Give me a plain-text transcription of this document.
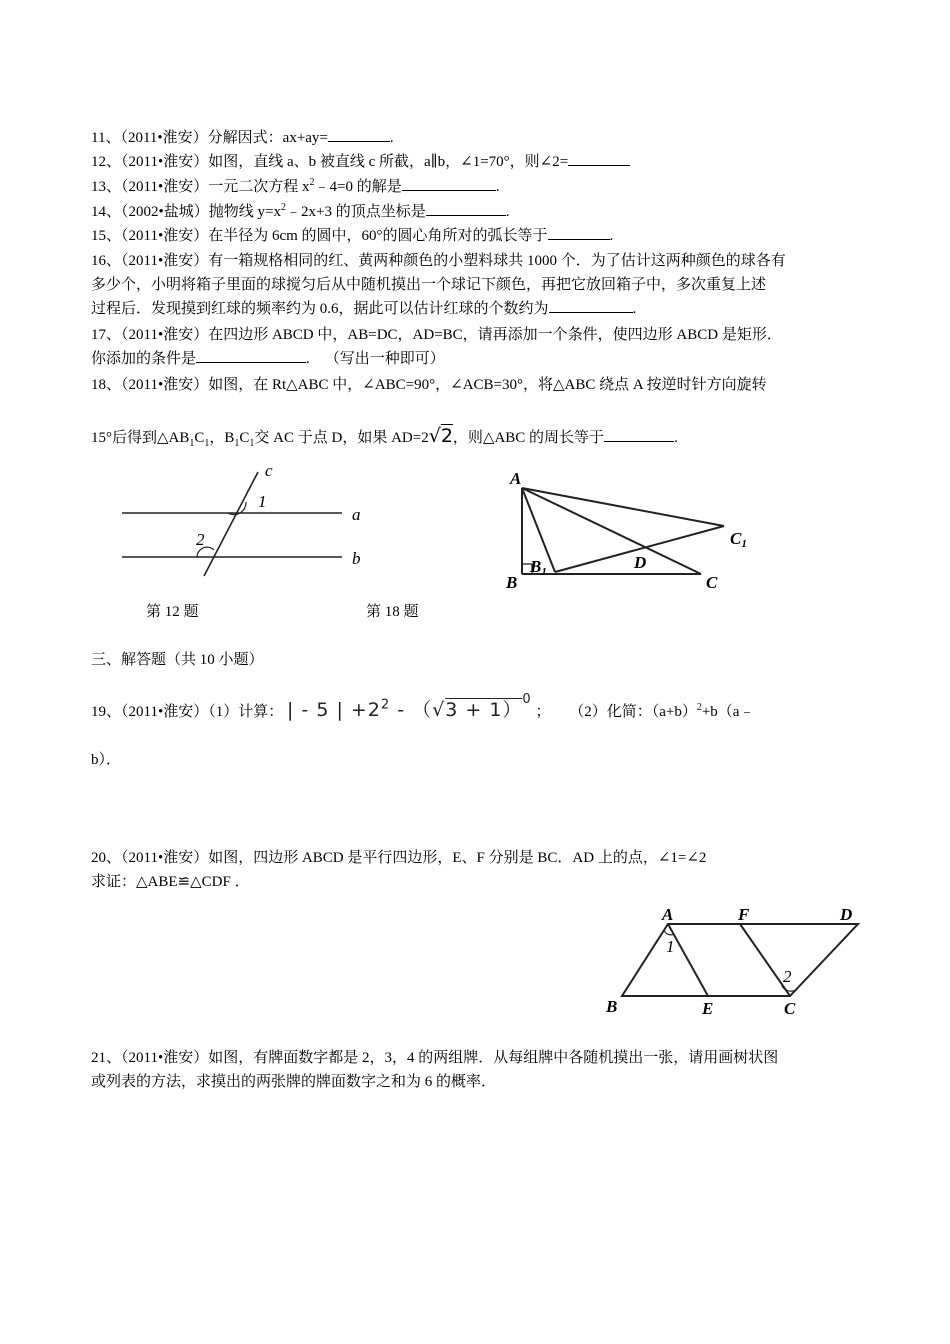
11、（2011•淮安）分解因式：ax+ay=	.
12、（2011•淮安）如图，直线 a、b 被直线 c 所截，a∥b，∠1=70°，则∠2=
13、（2011•淮安）一元二次方程 $x^2﹣4=0$ 的解是	.
14、（2002•盐城）抛物线 $y=x^2﹣2x+3$ 的顶点坐标是	.
15、（2011•淮安）在半径为 6cm 的圆中，60°的圆心角所对的弧长等于	.
16、（2011•淮安）有一箱规格相同的红、黄两种颜色的小塑料球共 1000 个．为了估计这两种颜色的球各有
多少个，小明将箱子里面的球搅匀后从中随机摸出一个球记下颜色，再把它放回箱子中，多次重复上述
过程后．发现摸到红球的频率约为 0.6，据此可以估计红球的个数约为	.
17、（2011•淮安）在四边形 ABCD 中，AB=DC，AD=BC，请再添加一个条件，使四边形 ABCD 是矩形．
你添加的条件是	. （写出一种即可）
18、（2011•淮安）如图，在 Rt△ABC 中，∠ABC=90°，∠ACB=30°，将△ABC 绕点 A 按逆时针方向旋转
15°后得到$\triangle AB_1C_1$，$B_1C_1$交 AC 于点 D，如果 AD=2√2，则△ABC 的周长等于	.
c
a
b
1
2
第 12 题
A
B
B1
C
C1
D
第 18 题
三、解答题（共 10 小题）
19、（2011•淮安）（1）计算： | - 5 | $+2^2 - (√3 + 1)^0$ ； （2）化简：$(a+b)^2+b(a﹣$
b）．
20、（2011•淮安）如图，四边形 ABCD 是平行四边形，E、F 分别是 BC．AD 上的点，∠1=∠2
求证：△ABE≌△CDF ．
A	F	D
B	E	C
1
2
21、（2011•淮安）如图，有牌面数字都是 2，3，4 的两组牌．从每组牌中各随机摸出一张，请用画树状图
或列表的方法，求摸出的两张牌的牌面数字之和为 6 的概率．
